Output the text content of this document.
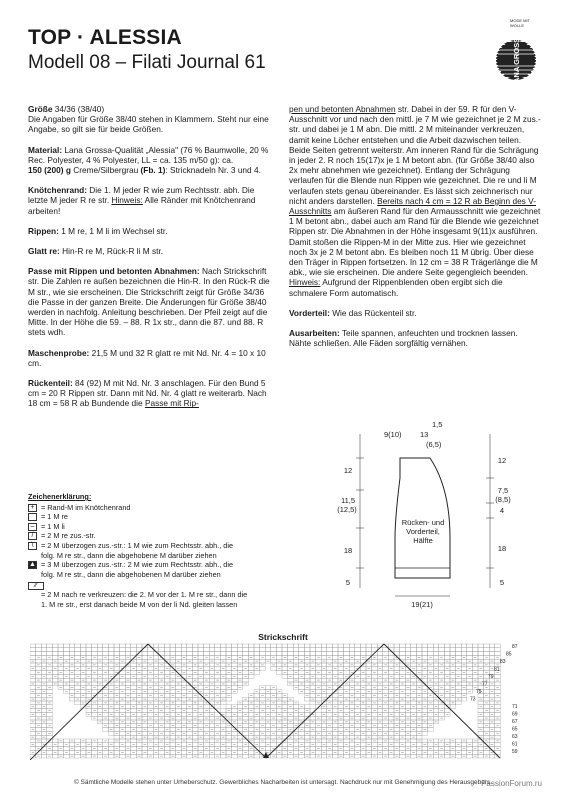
TOP · ALESSIA
Modell 08 – Filati Journal 61
MODE MIT WOLLE
LANA GROSSA

Größe 34/36 (38/40)
Die Angaben für Größe 38/40 stehen in Klammern. Steht nur eine Angabe, so gilt sie für beide Größen.

Material: Lana Grossa-Qualität „Alessia" (76 % Baumwolle, 20 % Rec. Polyester, 4 % Polyester, LL = ca. 135 m/50 g): ca.
150 (200) g Creme/Silbergrau (Fb. 1): Stricknadeln Nr. 3 und 4.

Knötchenrand: Die 1. M jeder R wie zum Rechtsstr. abh. Die letzte M jeder R re str. Hinweis: Alle Ränder mit Knötchenrand arbeiten!

Rippen: 1 M re, 1 M li im Wechsel str.

Glatt re: Hin-R re M, Rück-R li M str.

Passe mit Rippen und betonten Abnahmen: Nach Strickschrift str. Die Zahlen re außen bezeichnen die Hin-R. In den Rück-R die M str., wie sie erscheinen. Die Strickschrift zeigt für Größe 34/36 die Passe in der ganzen Breite. Die Änderungen für Größe 38/40 werden in nachfolg. Anleitung beschrieben. Der Pfeil zeigt auf die Mitte. In der Höhe die 59. – 88. R 1x str., dann die 87. und 88. R stets wdh.

Maschenprobe: 21,5 M und 32 R glatt re mit Nd. Nr. 4 = 10 x 10 cm.

Rückenteil: 84 (92) M mit Nd. Nr. 3 anschlagen. Für den Bund 5 cm = 20 R Rippen str. Dann mit Nd. Nr. 4 glatt re weiterarb. Nach 18 cm = 58 R ab Bundende die Passe mit Rip-

pen und betonten Abnahmen str. Dabei in der 59. R für den V-Ausschnitt vor und nach den mittl. je 7 M wie gezeichnet je 2 M zus.-str. und dabei je 1 M abn. Die mittl. 2 M miteinander verkreuzen, damit keine Löcher entstehen und die Arbeit dazwischen teilen. Beide Seiten getrennt weiterstr. Am inneren Rand für die Schrägung in jeder 2. R noch 15(17)x je 1 M betont abn. (für Größe 38/40 also 2x mehr abnehmen wie gezeichnet). Entlang der Schrägung verlaufen für die Blende nun Rippen wie gezeichnet. Die re und li M verlaufen stets genau übereinander. Es lässt sich zeichnerisch nur nicht anders darstellen. Bereits nach 4 cm = 12 R ab Beginn des V-Ausschnitts am äußeren Rand für den Armausschnitt wie gezeichnet 1 M betont abn., dabei auch am Rand für die Blende wie gezeichnet Rippen str. Die Abnahmen in der Höhe insgesamt 9(11)x ausführen. Damit stoßen die Rippen-M in der Mitte zus. Hier wie gezeichnet noch 3x je 2 M betont abn. Es bleiben noch 11 M übrig. Über diese den Träger in Rippen fortsetzen. In 12 cm = 38 R Trägerlänge die M abk., wie sie erscheinen. Die andere Seite gegengleich beenden. Hinweis: Aufgrund der Rippenblenden oben ergibt sich die schmalere Form automatisch.

Vorderteil: Wie das Rückenteil str.

Ausarbeiten: Teile spannen, anfeuchten und trocknen lassen. Nähte schließen. Alle Fäden sorgfältig vernähen.

Zeichenerklärung:
+ = Rand-M im Knötchenrand
= 1 M re
– = 1 M li
/	= 2 M re zus.-str.
\	= 2 M überzogen zus.-str.: 1 M wie zum Rechtsstr. abh., die
folg. M re str., dann die abgehobene M darüber ziehen
▲ = 3 M überzogen zus.-str.: 2 M wie zum Rechtsstr. abh., die
folg. M re str., dann die abgehobenen M darüber ziehen
⁄⁄
= 2 M nach re verkreuzen: die 2. M vor der 1. M re str., dann die
1. M re str., erst danach beide M von der li Nd. gleiten lassen
9(10) 13
1,5
(6,5)
12
11,5
(12,5)
18
5
12
7,5
(8,5)
4
18
5
Rücken- und Vorderteil, Hälfte
19(21)
Strickschrift
87
85
83
81
79
77
75
73
71
69
67
65
63
61
59
© Sämtliche Modelle stehen unter Urheberschutz. Gewerbliches Nacharbeiten ist untersagt. Nachdruck nur mit Genehmigung des Herausgebers.
PassionForum.ru
